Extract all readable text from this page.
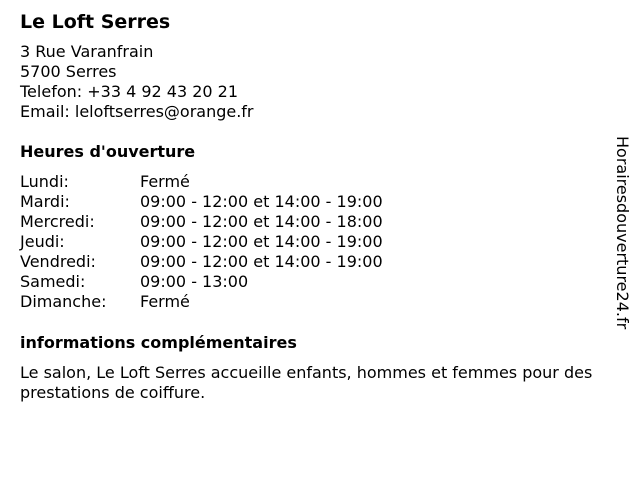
Le Loft Serres
3 Rue Varanfrain
5700 Serres
Telefon: +33 4 92 43 20 21
Email: leloftserres@orange.fr
Heures d'ouverture
Lundi:	Fermé
Mardi:	09:00 - 12:00 et 14:00 - 19:00
Mercredi:	09:00 - 12:00 et 14:00 - 18:00
Jeudi:	09:00 - 12:00 et 14:00 - 19:00
Vendredi:	09:00 - 12:00 et 14:00 - 19:00
Samedi:	09:00 - 13:00
Dimanche:	Fermé
informations complémentaires
Le salon, Le Loft Serres accueille enfants, hommes et femmes pour des prestations de coiffure.
Horairesdouverture24.fr
